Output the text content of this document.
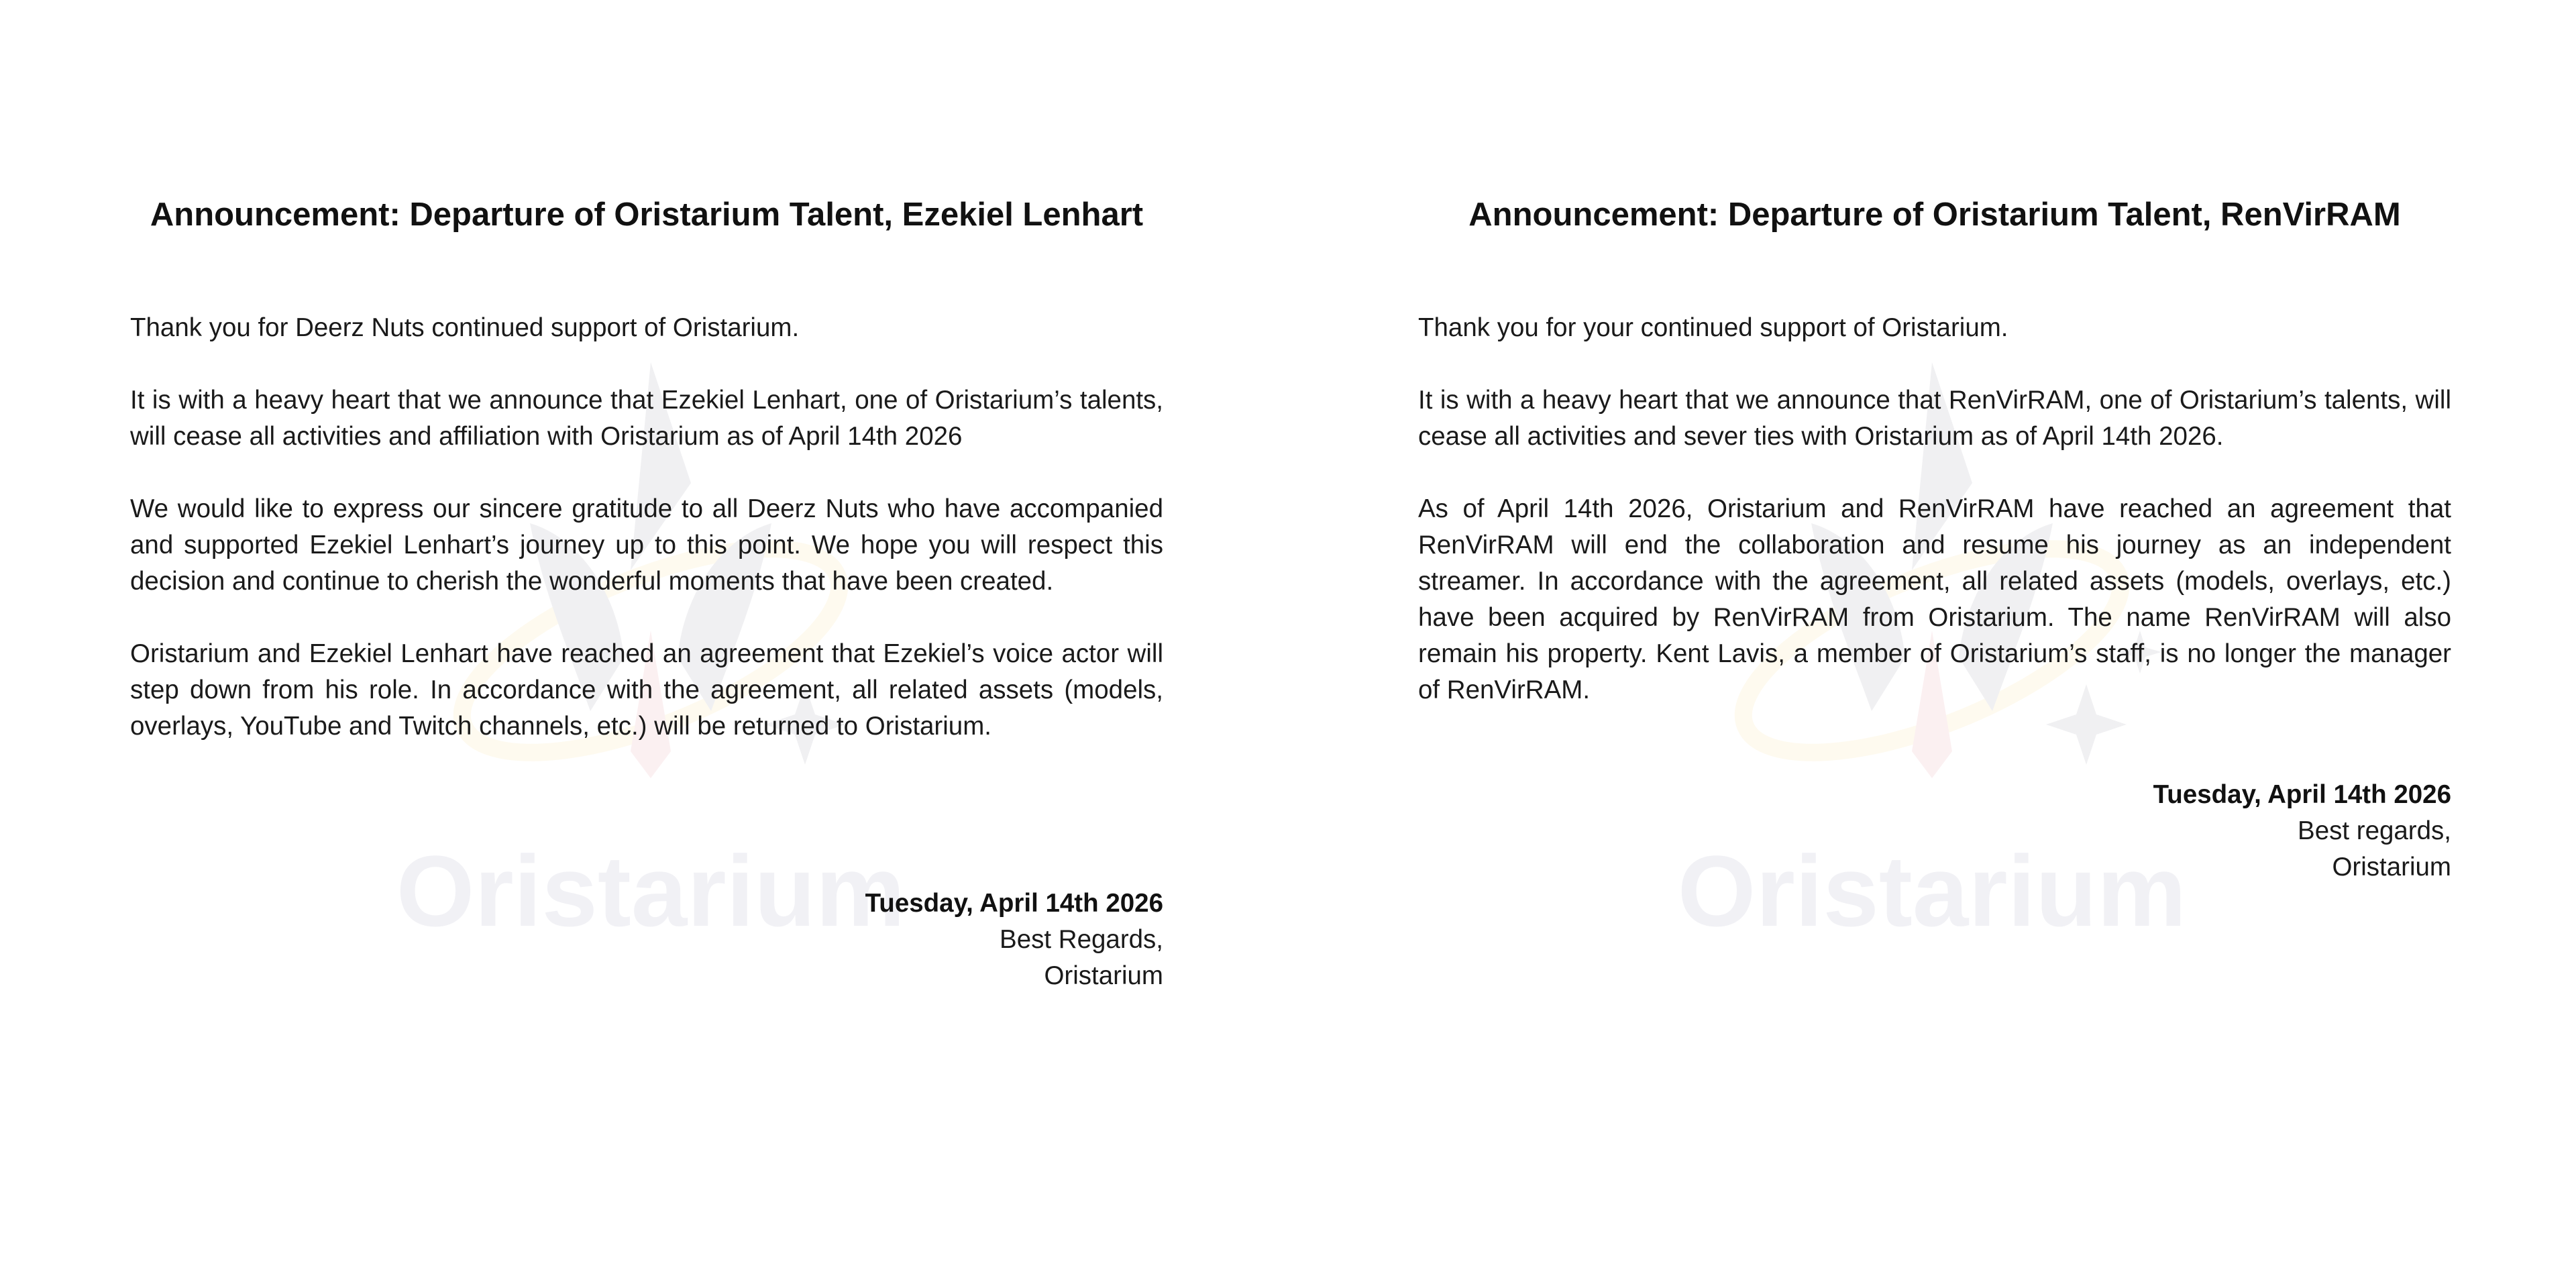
Oristarium
Announcement: Departure of Oristarium Talent, Ezekiel Lenhart

Thank you for Deerz Nuts continued support of Oristarium.

It is with a heavy heart that we announce that Ezekiel Lenhart, one of Oristarium’s talents, will cease all activities and affiliation with Oristarium as of April 14th 2026

We would like to express our sincere gratitude to all Deerz Nuts who have accompanied and supported Ezekiel Lenhart’s journey up to this point. We hope you will respect this decision and continue to cherish the wonderful moments that have been created.

Oristarium and Ezekiel Lenhart have reached an agreement that Ezekiel’s voice actor will step down from his role. In accordance with the agreement, all related assets (models, overlays, YouTube and Twitch channels, etc.) will be returned to Oristarium.

Tuesday, April 14th 2026
Best Regards,
Oristarium
Oristarium
Announcement: Departure of Oristarium Talent, RenVirRAM

Thank you for your continued support of Oristarium.

It is with a heavy heart that we announce that RenVirRAM, one of Oristarium’s talents, will cease all activities and sever ties with Oristarium as of April 14th 2026.

As of April 14th 2026, Oristarium and RenVirRAM have reached an agreement that RenVirRAM will end the collaboration and resume his journey as an independent streamer. In accordance with the agreement, all related assets (models, overlays, etc.) have been acquired by RenVirRAM from Oristarium. The name RenVirRAM will also remain his property. Kent Lavis, a member of Oristarium’s staff, is no longer the manager of RenVirRAM.

Tuesday, April 14th 2026
Best regards,
Oristarium
